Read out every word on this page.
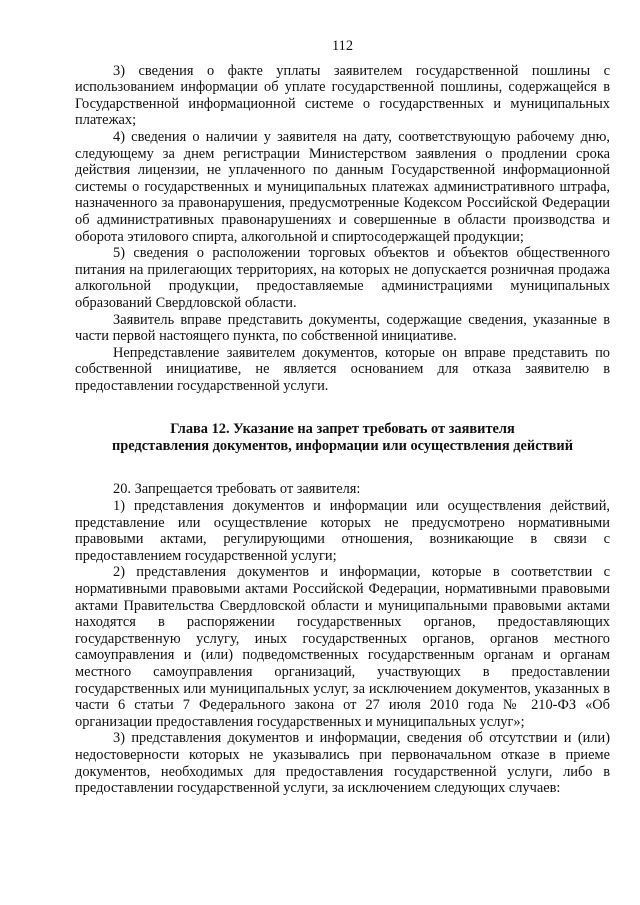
112

3) сведения о факте уплаты заявителем государственной пошлины с использованием информации об уплате государственной пошлины, содержащейся в Государственной информационной системе о государственных и муниципальных платежах;

4) сведения о наличии у заявителя на дату, соответствующую рабочему дню, следующему за днем регистрации Министерством заявления о продлении срока действия лицензии, не уплаченного по данным Государственной информационной системы о государственных и муниципальных платежах административного штрафа, назначенного за правонарушения, предусмотренные Кодексом Российской Федерации об административных правонарушениях и совершенные в области производства и оборота этилового спирта, алкогольной и спиртосодержащей продукции;

5) сведения о расположении торговых объектов и объектов общественного питания на прилегающих территориях, на которых не допускается розничная продажа алкогольной продукции, предоставляемые администрациями муниципальных образований Свердловской области.

Заявитель вправе представить документы, содержащие сведения, указанные в части первой настоящего пункта, по собственной инициативе.

Непредставление заявителем документов, которые он вправе представить по собственной инициативе, не является основанием для отказа заявителю в предоставлении государственной услуги.

Глава 12. Указание на запрет требовать от заявителя
представления документов, информации или осуществления действий

20. Запрещается требовать от заявителя:

1) представления документов и информации или осуществления действий, представление или осуществление которых не предусмотрено нормативными правовыми актами, регулирующими отношения, возникающие в связи с предоставлением государственной услуги;

2) представления документов и информации, которые в соответствии с нормативными правовыми актами Российской Федерации, нормативными правовыми актами Правительства Свердловской области и муниципальными правовыми актами находятся в распоряжении государственных органов, предоставляющих государственную услугу, иных государственных органов, органов местного самоуправления и (или) подведомственных государственным органам и органам местного самоуправления организаций, участвующих в предоставлении государственных или муниципальных услуг, за исключением документов, указанных в части 6 статьи 7 Федерального закона от 27 июля 2010 года № 210-ФЗ «Об организации предоставления государственных и муниципальных услуг»;

3) представления документов и информации, сведения об отсутствии и (или) недостоверности которых не указывались при первоначальном отказе в приеме документов, необходимых для предоставления государственной услуги, либо в предоставлении государственной услуги, за исключением следующих случаев:
